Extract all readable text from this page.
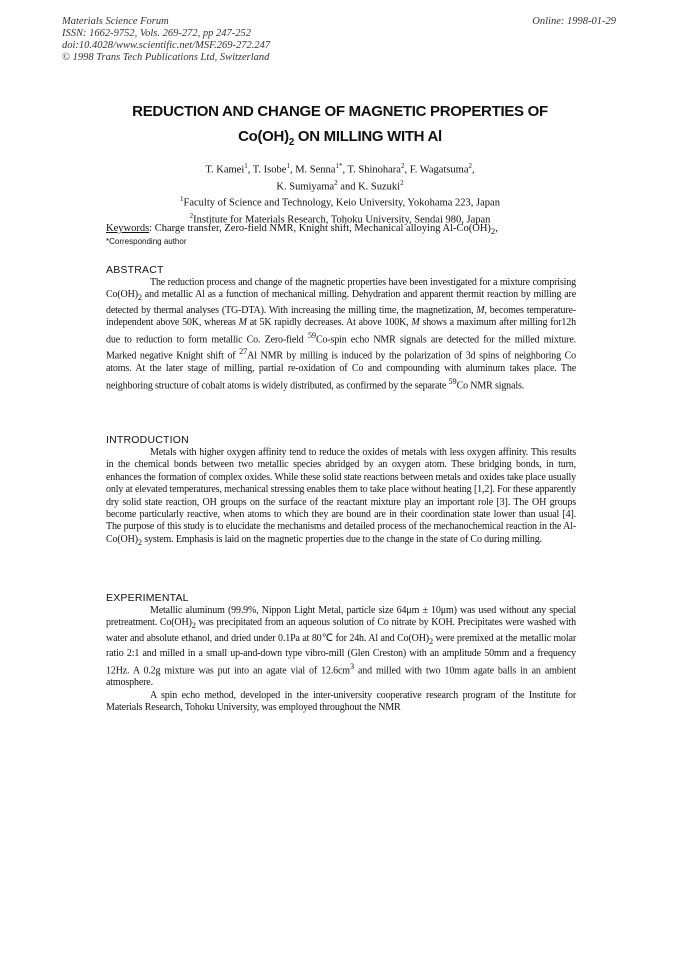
Materials Science Forum
ISSN: 1662-9752, Vols. 269-272, pp 247-252
doi:10.4028/www.scientific.net/MSF.269-272.247
© 1998 Trans Tech Publications Ltd, Switzerland
Online: 1998-01-29
REDUCTION AND CHANGE OF MAGNETIC PROPERTIES OF
$Co(OH)_2$ ON MILLING WITH Al
T. Kamei$^1$, T. Isobe$^1$, M. Senna$^{1*}$, T. Shinohara$^2$, F. Wagatsuma$^2$,
K. Sumiyama$^2$ and K. Suzuki$^2$
$^1$Faculty of Science and Technology, Keio University, Yokohama 223, Japan
$^2$Institute for Materials Research, Tohoku University, Sendai 980, Japan
Keywords: Charge transfer, Zero-field NMR, Knight shift, Mechanical alloying $Al-Co(OH)_2$,
*Corresponding author
ABSTRACT

The reduction process and change of the magnetic properties have been investigated for a mixture comprising $Co(OH)_2$ and metallic Al as a function of mechanical milling. Dehydration and apparent thermit reaction by milling are detected by thermal analyses (TG-DTA). With increasing the milling time, the magnetization, M, becomes temperature-independent above 50K, whereas M at 5K rapidly decreases. At above 100K, M shows a maximum after milling for12h due to reduction to form metallic Co. Zero-field $^{59}$Co-spin echo NMR signals are detected for the milled mixture. Marked negative Knight shift of $^{27}$Al NMR by milling is induced by the polarization of 3d spins of neighboring Co atoms. At the later stage of milling, partial re-oxidation of Co and compounding with aluminum takes place. The neighboring structure of cobalt atoms is widely distributed, as confirmed by the separate $^{59}$Co NMR signals.

INTRODUCTION

Metals with higher oxygen affinity tend to reduce the oxides of metals with less oxygen affinity. This results in the chemical bonds between two metallic species abridged by an oxygen atom. These bridging bonds, in turn, enhances the formation of complex oxides. While these solid state reactions between metals and oxides take place usually only at elevated temperatures, mechanical stressing enables them to take place without heating [1,2]. For these apparently dry solid state reaction, OH groups on the surface of the reactant mixture play an important role [3]. The OH groups become particularly reactive, when atoms to which they are bound are in their coordination state lower than usual [4]. The purpose of this study is to elucidate the mechanisms and detailed process of the mechanochemical reaction in the $Al-Co(OH)_2$ system. Emphasis is laid on the magnetic properties due to the change in the state of Co during milling.

EXPERIMENTAL

Metallic aluminum (99.9%, Nippon Light Metal, particle size 64μm ± 10μm) was used without any special pretreatment. $Co(OH)_2$ was precipitated from an aqueous solution of Co nitrate by KOH. Precipitates were washed with water and absolute ethanol, and dried under 0.1Pa at 80℃ for 24h. Al and $Co(OH)_2$ were premixed at the metallic molar ratio 2:1 and milled in a small up-and-down type vibro-mill (Glen Creston) with an amplitude 50mm and a frequency 12Hz. A 0.2g mixture was put into an agate vial of $12.6cm^3$ and milled with two 10mm agate balls in an ambient atmosphere.

A spin echo method, developed in the inter-university cooperative research program of the Institute for Materials Research, Tohoku University, was employed throughout the NMR
